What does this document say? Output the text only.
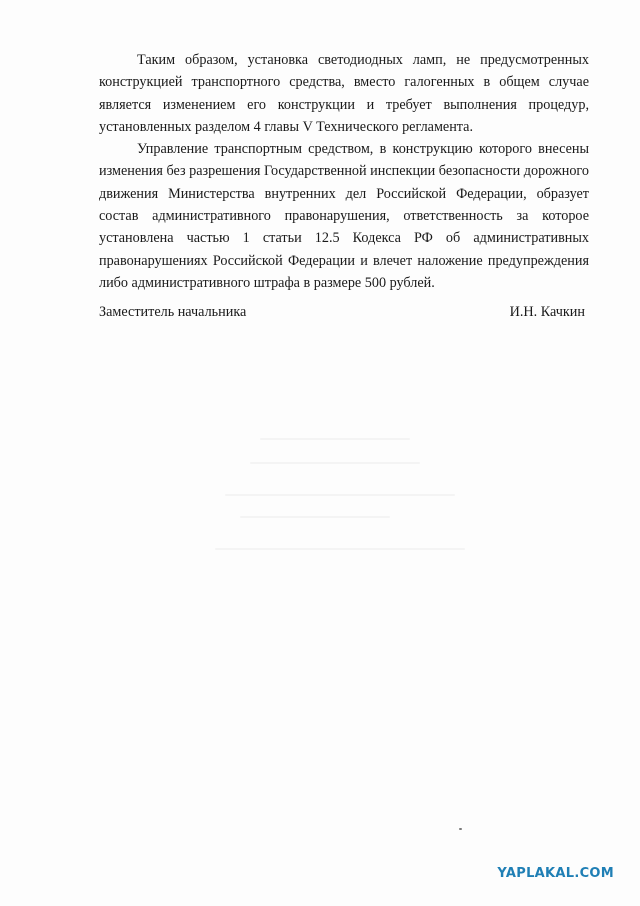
Таким образом, установка светодиодных ламп, не предусмотренных конструкцией транспортного средства, вместо галогенных в общем случае является изменением его конструкции и требует выполнения процедур, установленных разделом 4 главы V Технического регламента.

Управление транспортным средством, в конструкцию которого внесены изменения без разрешения Государственной инспекции безопасности дорожного движения Министерства внутренних дел Российской Федерации, образует состав административного правонарушения, ответственность за которое установлена частью 1 статьи 12.5 Кодекса РФ об административных правонарушениях Российской Федерации и влечет наложение предупреждения либо административного штрафа в размере 500 рублей.

Заместитель начальника	И.Н. Качкин
YAPLAKAL.COM
